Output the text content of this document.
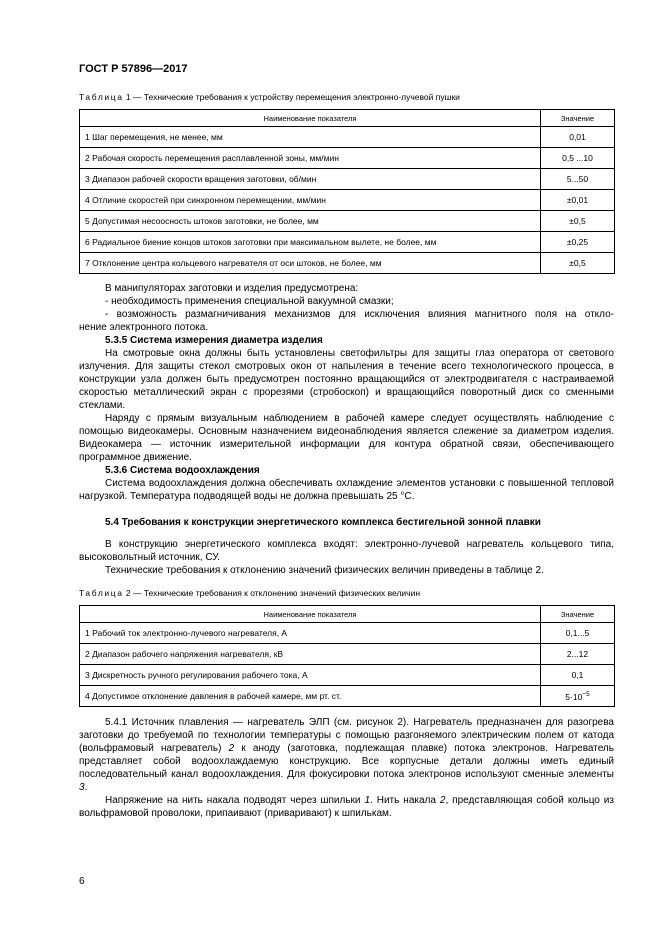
ГОСТ Р 57896—2017
Таблица 1 — Технические требования к устройству перемещения электронно-лучевой пушки
Наименование показателя	Значение
1 Шаг перемещения, не менее, мм	0,01
2 Рабочая скорость перемещения расплавленной зоны, мм/мин	0,5 ...10
3 Диапазон рабочей скорости вращения заготовки, об/мин	5...50
4 Отличие скоростей при синхронном перемещении, мм/мин	±0,01
5 Допустимая несоосность штоков заготовки, не более, мм	±0,5
6 Радиальное биение концов штоков заготовки при максимальном вылете, не более, мм	±0,25
7 Отклонение центра кольцевого нагревателя от оси штоков, не более, мм	±0,5

В манипуляторах заготовки и изделия предусмотрена:

- необходимость применения специальной вакуумной смазки;

- возможность размагничивания механизмов для исключения влияния магнитного поля на откло-

нение электронного потока.

5.3.5 Система измерения диаметра изделия

На смотровые окна должны быть установлены светофильтры для защиты глаз оператора от светового излучения. Для защиты стекол смотровых окон от напыления в течение всего технологического процесса, в конструкции узла должен быть предусмотрен постоянно вращающийся от электродвигателя с настраиваемой скоростью металлический экран с прорезями (стробоскоп) и вращающийся поворотный диск со сменными стеклами.

Наряду с прямым визуальным наблюдением в рабочей камере следует осуществлять наблюдение с помощью видеокамеры. Основным назначением видеонаблюдения является слежение за диаметром изделия. Видеокамера — источник измерительной информации для контура обратной связи, обеспечивающего программное движение.

5.3.6 Система водоохлаждения

Система водоохлаждения должна обеспечивать охлаждение элементов установки с повышенной тепловой нагрузкой. Температура подводящей воды не должна превышать 25 °С.

5.4 Требования к конструкции энергетического комплекса бестигельной зонной плавки

В конструкцию энергетического комплекса входят: электронно-лучевой нагреватель кольцевого типа, высоковольтный источник, СУ.

Технические требования к отклонению значений физических величин приведены в таблице 2.

Таблица 2 — Технические требования к отклонению значений физических величин
Наименование показателя	Значение
1 Рабочий ток электронно-лучевого нагревателя, А	0,1...5
2 Диапазон рабочего напряжения нагревателя, кВ	2...12
3 Дискретность ручного регулирования рабочего тока, А	0,1
4 Допустимое отклонение давления в рабочей камере, мм рт. ст.	$5\cdot 10^{-5}$

5.4.1 Источник плавления — нагреватель ЭЛП (см. рисунок 2). Нагреватель предназначен для разогрева заготовки до требуемой по технологии температуры с помощью разгоняемого электрическим полем от катода (вольфрамовый нагреватель) 2 к аноду (заготовка, подлежащая плавке) потока электронов. Нагреватель представляет собой водоохлаждаемую конструкцию. Все корпусные детали должны иметь единый последовательный канал водоохлаждения. Для фокусировки потока электронов используют сменные элементы 3.

Напряжение на нить накала подводят через шпильки 1. Нить накала 2, представляющая собой кольцо из вольфрамовой проволоки, припаивают (приваривают) к шпилькам.

6
